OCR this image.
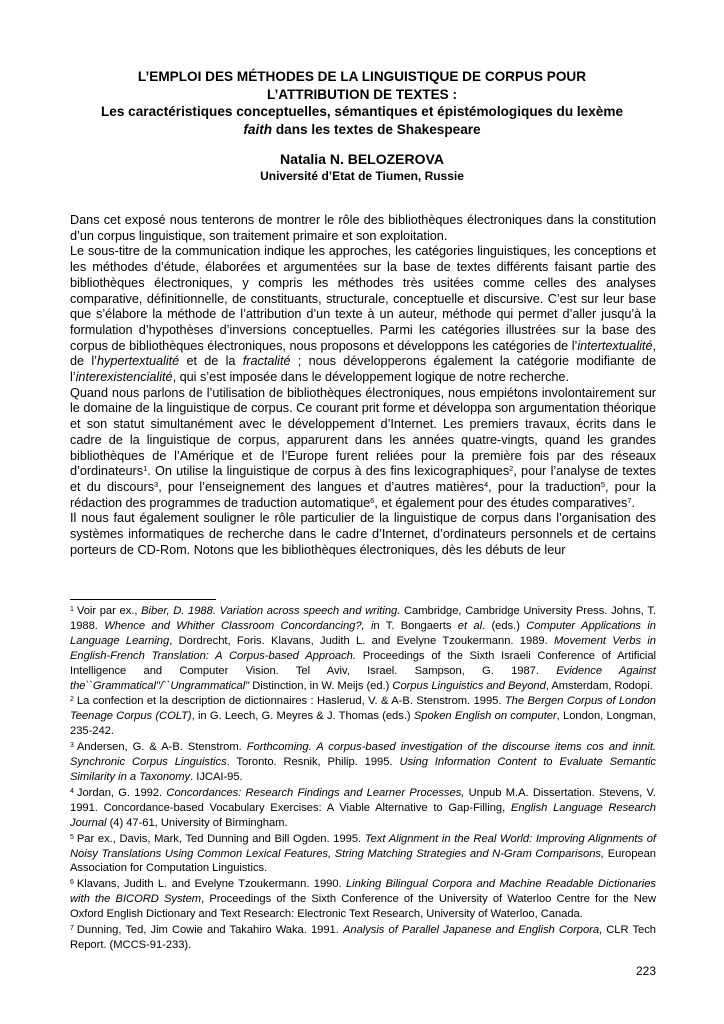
L’EMPLOI DES MÉTHODES DE LA LINGUISTIQUE DE CORPUS POUR
L’ATTRIBUTION DE TEXTES :
Les caractéristiques conceptuelles, sémantiques et épistémologiques du lexème
faith dans les textes de Shakespeare
Natalia N. BELOZEROVA
Université d’Etat de Tiumen, Russie

Dans cet exposé nous tenterons de montrer le rôle des bibliothèques électroniques dans la constitution d’un corpus linguistique, son traitement primaire et son exploitation.

Le sous-titre de la communication indique les approches, les catégories linguistiques, les conceptions et les méthodes d’étude, élaborées et argumentées sur la base de textes différents faisant partie des bibliothèques électroniques, y compris les méthodes très usitées comme celles des analyses comparative, définitionnelle, de constituants, structurale, conceptuelle et discursive. C’est sur leur base que s’élabore la méthode de l’attribution d’un texte à un auteur, méthode qui permet d’aller jusqu’à la formulation d’hypothèses d’inversions conceptuelles. Parmi les catégories illustrées sur la base des corpus de bibliothèques électroniques, nous proposons et développons les catégories de l’intertextualité, de l’hypertextualité et de la fractalité ; nous développerons également la catégorie modifiante de l’interexistencialité, qui s’est imposée dans le développement logique de notre recherche.

Quand nous parlons de l’utilisation de bibliothèques électroniques, nous empiétons involontairement sur le domaine de la linguistique de corpus. Ce courant prit forme et développa son argumentation théorique et son statut simultanément avec le développement d’Internet. Les premiers travaux, écrits dans le cadre de la linguistique de corpus, apparurent dans les années quatre-vingts, quand les grandes bibliothèques de l’Amérique et de l’Europe furent reliées pour la première fois par des réseaux d’ordinateurs$^1$. On utilise la linguistique de corpus à des fins lexicographiques$^2$, pour l’analyse de textes et du discours$^3$, pour l’enseignement des langues et d’autres matières$^4$, pour la traduction$^5$, pour la rédaction des programmes de traduction automatique$^6$, et également pour des études comparatives$^7$.

Il nous faut également souligner le rôle particulier de la linguistique de corpus dans l’organisation des systèmes informatiques de recherche dans le cadre d’Internet, d’ordinateurs personnels et de certains porteurs de CD-Rom. Notons que les bibliothèques électroniques, dès les débuts de leur

$^1$ Voir par ex., Biber, D. 1988. Variation across speech and writing. Cambridge, Cambridge University Press. Johns, T. 1988. Whence and Whither Classroom Concordancing?, in T. Bongaerts et al. (eds.) Computer Applications in Language Learning, Dordrecht, Foris. Klavans, Judith L. and Evelyne Tzoukermann. 1989. Movement Verbs in English-French Translation: A Corpus-based Approach. Proceedings of the Sixth Israeli Conference of Artificial Intelligence and Computer Vision. Tel Aviv, Israel. Sampson, G. 1987. Evidence Against the``Grammatical"/``Ungrammatical" Distinction, in W. Meijs (ed.) Corpus Linguistics and Beyond, Amsterdam, Rodopi.

$^2$ La confection et la description de dictionnaires : Haslerud, V. & A-B. Stenstrom. 1995. The Bergen Corpus of London Teenage Corpus (COLT), in G. Leech, G. Meyres & J. Thomas (eds.) Spoken English on computer, London, Longman, 235-242.

$^3$ Andersen, G. & A-B. Stenstrom. Forthcoming. A corpus-based investigation of the discourse items cos and innit. Synchronic Corpus Linguistics. Toronto. Resnik, Philip. 1995. Using Information Content to Evaluate Semantic Similarity in a Taxonomy. IJCAI-95.

$^4$ Jordan, G. 1992. Concordances: Research Findings and Learner Processes, Unpub M.A. Dissertation. Stevens, V. 1991. Concordance-based Vocabulary Exercises: A Viable Alternative to Gap-Filling, English Language Research Journal (4) 47-61, University of Birmingham.

$^5$ Par ex., Davis, Mark, Ted Dunning and Bill Ogden. 1995. Text Alignment in the Real World: Improving Alignments of Noisy Translations Using Common Lexical Features, String Matching Strategies and N-Gram Comparisons, European Association for Computation Linguistics.

$^6$ Klavans, Judith L. and Evelyne Tzoukermann. 1990. Linking Bilingual Corpora and Machine Readable Dictionaries with the BICORD System, Proceedings of the Sixth Conference of the University of Waterloo Centre for the New Oxford English Dictionary and Text Research: Electronic Text Research, University of Waterloo, Canada.

$^7$ Dunning, Ted, Jim Cowie and Takahiro Waka. 1991. Analysis of Parallel Japanese and English Corpora, CLR Tech Report. (MCCS-91-233).

223
